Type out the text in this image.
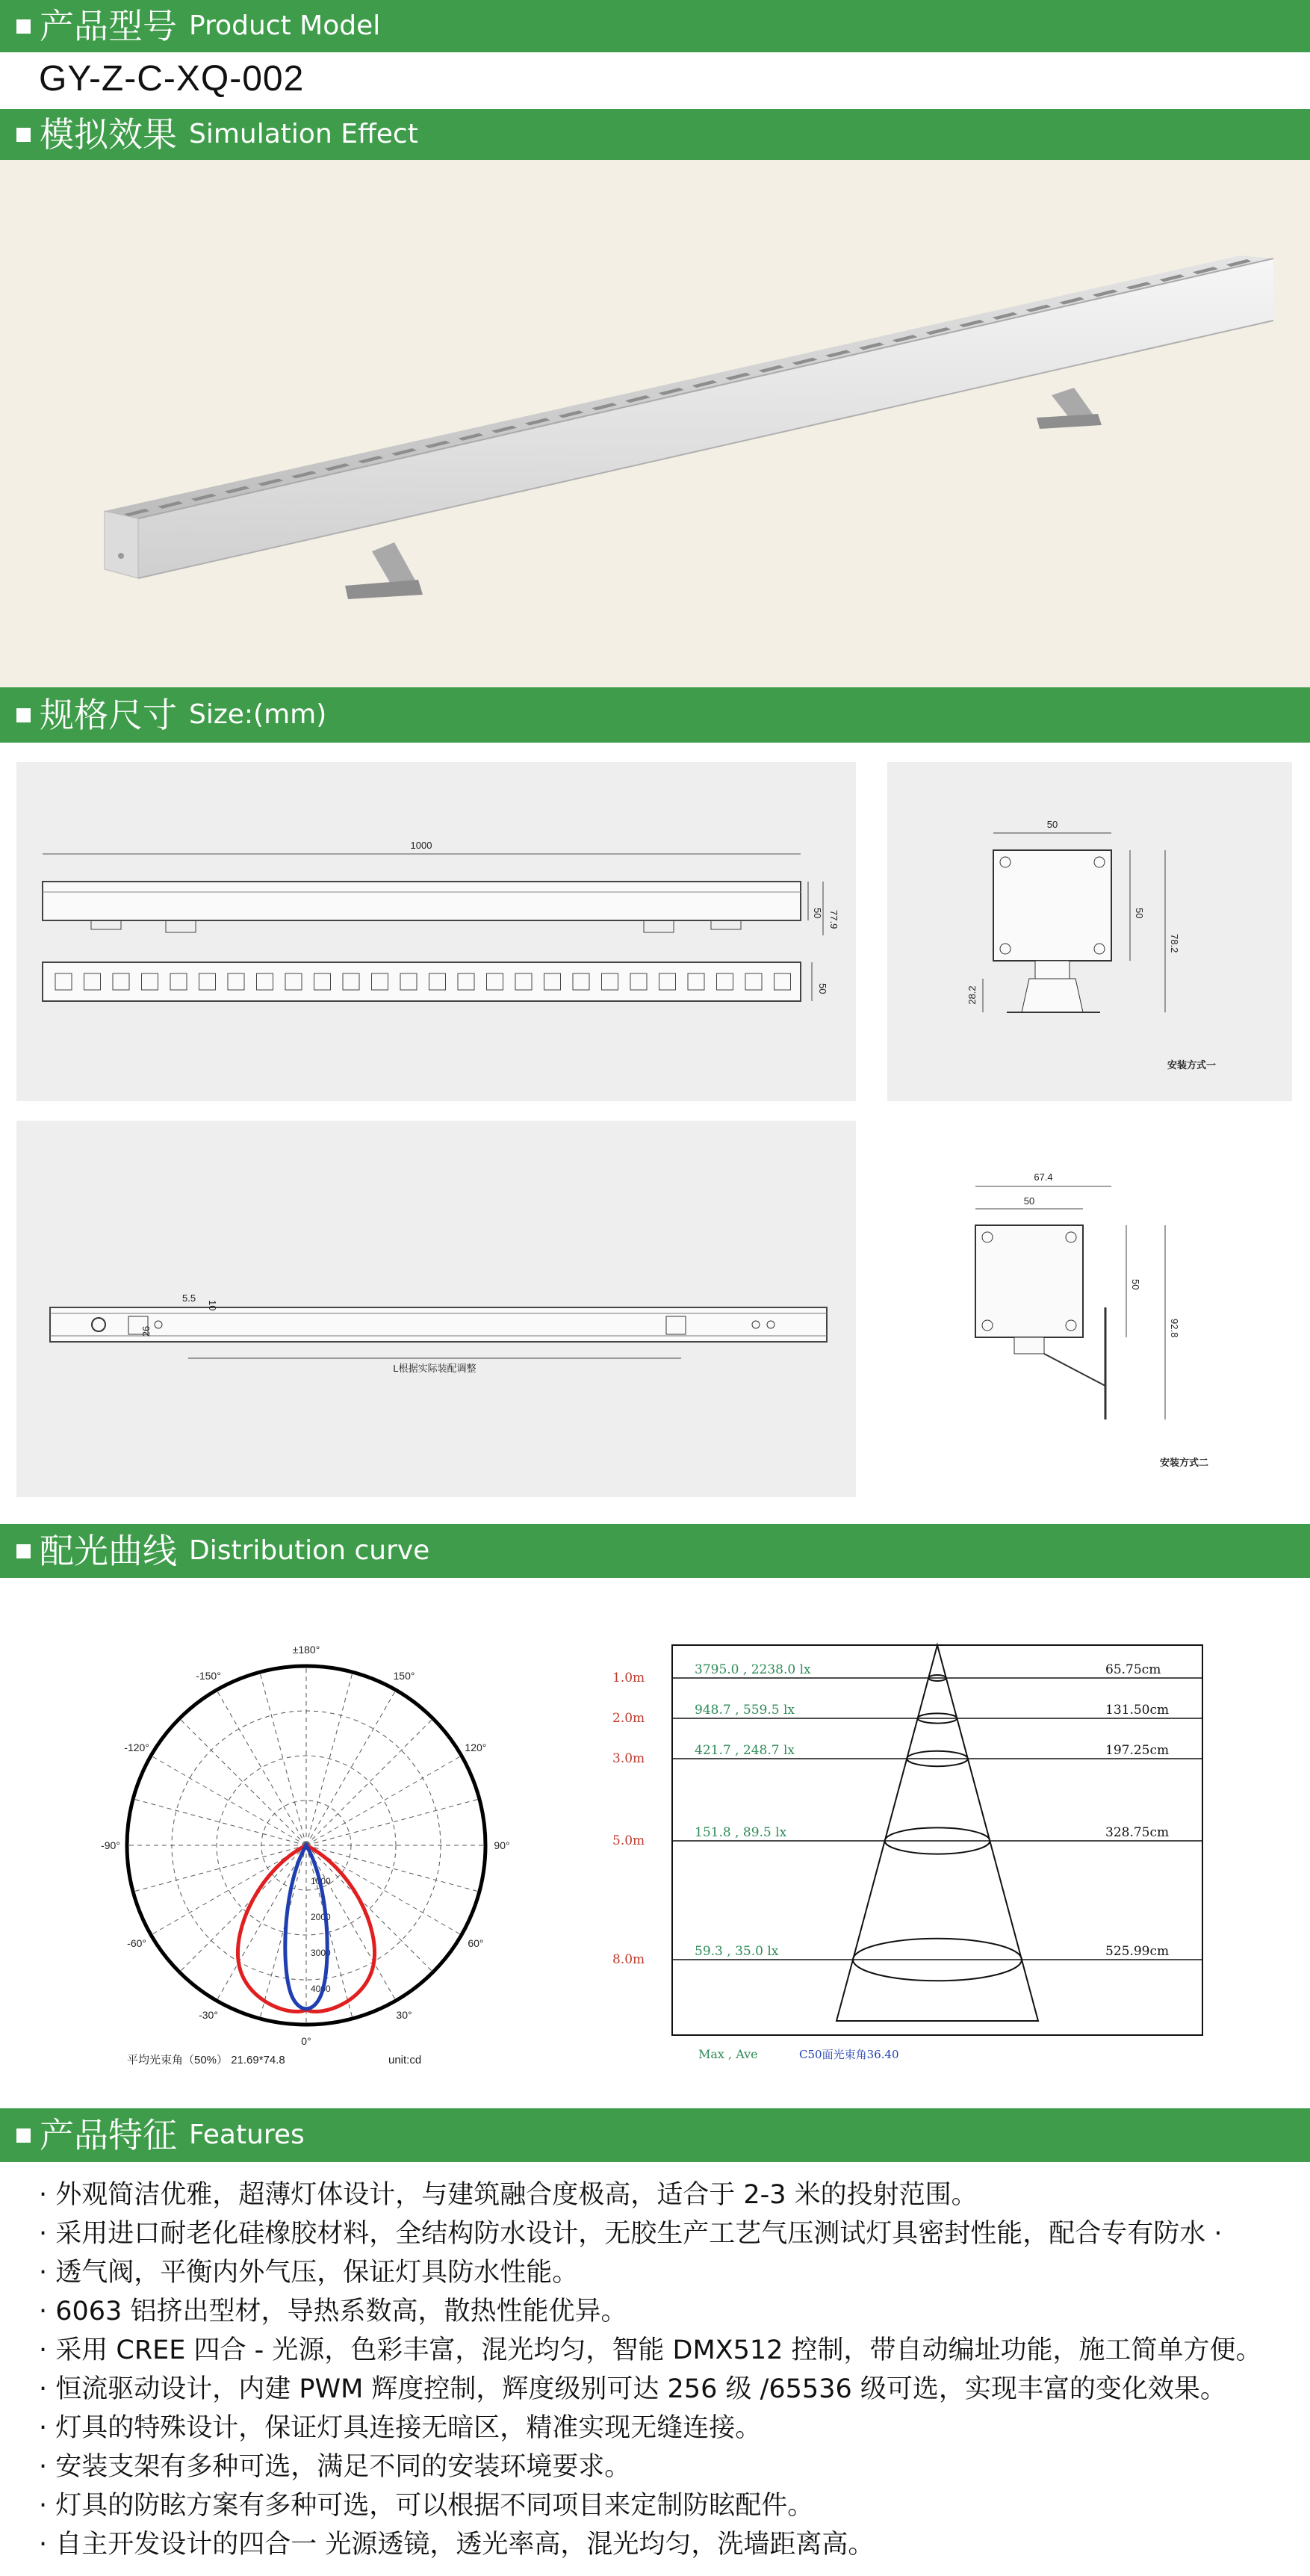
产品型号 Product Model
GY-Z-C-XQ-002
模拟效果 Simulation Effect
规格尺寸 Size:(mm)
1000
50 77.9
50
50
50
78.2
28.2
安装方式一
5.5
10
26
L根据实际装配调整
67.4
50
50
92.8
安装方式二
配光曲线 Distribution curve
±180°
-150°	150°
-120°	120°
-90°	90°
-60°	60°
-30°	30°
0°
1000
2000
3000
4000
平均光束角（50%） 21.69*74.8	unit:cd
1.0m
3795.0 , 2238.0 lx	65.75cm
2.0m
948.7 , 559.5 lx	131.50cm
3.0m
421.7 , 248.7 lx	197.25cm
5.0m
151.8 , 89.5 lx	328.75cm
8.0m
59.3 , 35.0 lx	525.99cm
Max , Ave	C50面光束角36.40
产品特征 Features
· 外观简洁优雅，超薄灯体设计，与建筑融合度极高，适合于 2-3 米的投射范围。
· 采用进口耐老化硅橡胶材料，全结构防水设计，无胶生产工艺气压测试灯具密封性能，配合专有防水 ·
· 透气阀，平衡内外气压，保证灯具防水性能。
· 6063 铝挤出型材，导热系数高，散热性能优异。
· 采用 CREE 四合 - 光源，色彩丰富，混光均匀，智能 DMX512 控制，带自动编址功能，施工简单方便。
· 恒流驱动设计，内建 PWM 辉度控制，辉度级别可达 256 级 /65536 级可选，实现丰富的变化效果。
· 灯具的特殊设计，保证灯具连接无暗区，精准实现无缝连接。
· 安装支架有多种可选，满足不同的安装环境要求。
· 灯具的防眩方案有多种可选，可以根据不同项目来定制防眩配件。
· 自主开发设计的四合一 光源透镜，透光率高，混光均匀，洗墙距离高。
